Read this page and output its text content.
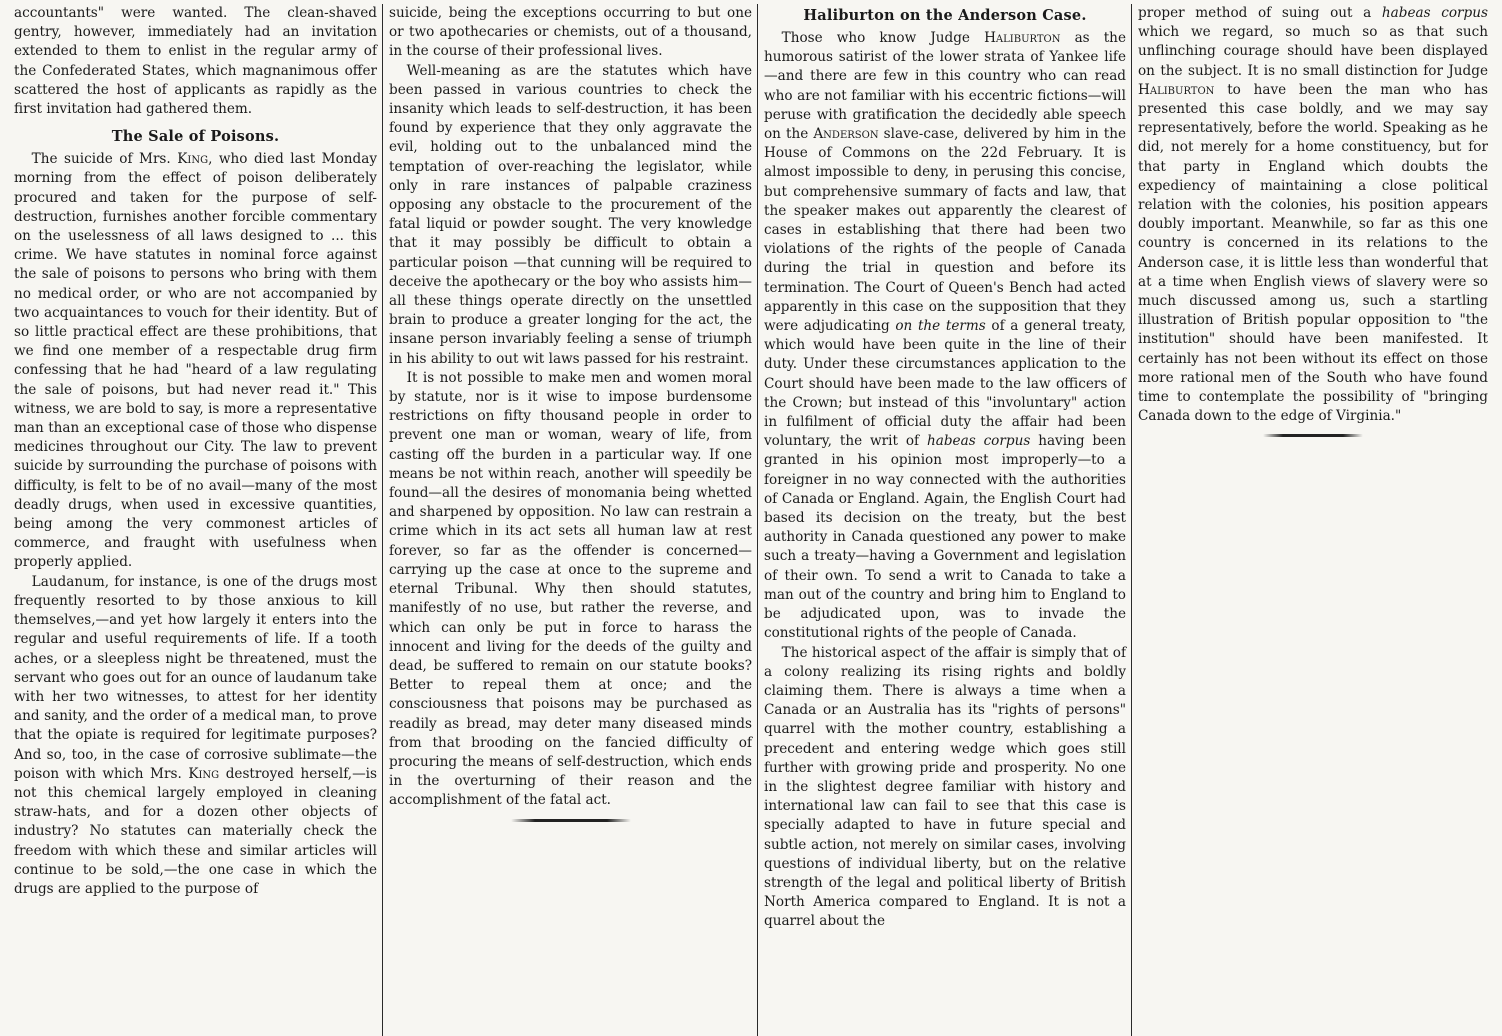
accountants" were wanted. The clean-shaved gentry, however, immediately had an invitation extended to them to enlist in the regular army of the Confederated States, which magnanimous offer scattered the host of applicants as rapidly as the first invitation had gathered them.

The Sale of Poisons.

The suicide of Mrs. King, who died last Monday morning from the effect of poison deliberately procured and taken for the purpose of self-destruction, furnishes another forcible commentary on the uselessness of all laws designed to ... this crime. We have statutes in nominal force against the sale of poisons to persons who bring with them no medical order, or who are not accompanied by two acquaintances to vouch for their identity. But of so little practical effect are these prohibitions, that we find one member of a respectable drug firm confessing that he had "heard of a law regulating the sale of poisons, but had never read it." This witness, we are bold to say, is more a representative man than an exceptional case of those who dispense medicines throughout our City. The law to prevent suicide by surrounding the purchase of poisons with difficulty, is felt to be of no avail—many of the most deadly drugs, when used in excessive quantities, being among the very commonest articles of commerce, and fraught with usefulness when properly applied.

Laudanum, for instance, is one of the drugs most frequently resorted to by those anxious to kill themselves,—and yet how largely it enters into the regular and useful requirements of life. If a tooth aches, or a sleepless night be threatened, must the servant who goes out for an ounce of laudanum take with her two witnesses, to attest for her identity and sanity, and the order of a medical man, to prove that the opiate is required for legitimate purposes? And so, too, in the case of corrosive sublimate—the poison with which Mrs. King destroyed herself,—is not this chemical largely employed in cleaning straw-hats, and for a dozen other objects of industry? No statutes can materially check the freedom with which these and similar articles will continue to be sold,—the one case in which the drugs are applied to the purpose of

suicide, being the exceptions occurring to but one or two apothecaries or chemists, out of a thousand, in the course of their professional lives.

Well-meaning as are the statutes which have been passed in various countries to check the insanity which leads to self-destruction, it has been found by experience that they only aggravate the evil, holding out to the unbalanced mind the temptation of over-reaching the legislator, while only in rare instances of palpable craziness opposing any obstacle to the procurement of the fatal liquid or powder sought. The very knowledge that it may possibly be difficult to obtain a particular poison —that cunning will be required to deceive the apothecary or the boy who assists him—all these things operate directly on the unsettled brain to produce a greater longing for the act, the insane person invariably feeling a sense of triumph in his ability to out wit laws passed for his restraint.

It is not possible to make men and women moral by statute, nor is it wise to impose burdensome restrictions on fifty thousand people in order to prevent one man or woman, weary of life, from casting off the burden in a particular way. If one means be not within reach, another will speedily be found—all the desires of monomania being whetted and sharpened by opposition. No law can restrain a crime which in its act sets all human law at rest forever, so far as the offender is concerned—carrying up the case at once to the supreme and eternal Tribunal. Why then should statutes, manifestly of no use, but rather the reverse, and which can only be put in force to harass the innocent and living for the deeds of the guilty and dead, be suffered to remain on our statute books? Better to repeal them at once; and the consciousness that poisons may be purchased as readily as bread, may deter many diseased minds from that brooding on the fancied difficulty of procuring the means of self-destruction, which ends in the overturning of their reason and the accomplishment of the fatal act.

Haliburton on the Anderson Case.

Those who know Judge Haliburton as the humorous satirist of the lower strata of Yankee life—and there are few in this country who can read who are not familiar with his eccentric fictions—will peruse with gratification the decidedly able speech on the Anderson slave-case, delivered by him in the House of Commons on the 22d February. It is almost impossible to deny, in perusing this concise, but comprehensive summary of facts and law, that the speaker makes out apparently the clearest of cases in establishing that there had been two violations of the rights of the people of Canada during the trial in question and before its termination. The Court of Queen's Bench had acted apparently in this case on the supposition that they were adjudicating on the terms of a general treaty, which would have been quite in the line of their duty. Under these circumstances application to the Court should have been made to the law officers of the Crown; but instead of this "involuntary" action in fulfilment of official duty the affair had been voluntary, the writ of habeas corpus having been granted in his opinion most improperly—to a foreigner in no way connected with the authorities of Canada or England. Again, the English Court had based its decision on the treaty, but the best authority in Canada questioned any power to make such a treaty—having a Government and legislation of their own. To send a writ to Canada to take a man out of the country and bring him to England to be adjudicated upon, was to invade the constitutional rights of the people of Canada.

The historical aspect of the affair is simply that of a colony realizing its rising rights and boldly claiming them. There is always a time when a Canada or an Australia has its "rights of persons" quarrel with the mother country, establishing a precedent and entering wedge which goes still further with growing pride and prosperity. No one in the slightest degree familiar with history and international law can fail to see that this case is specially adapted to have in future special and subtle action, not merely on similar cases, involving questions of individual liberty, but on the relative strength of the legal and political liberty of British North America compared to England. It is not a quarrel about the

proper method of suing out a habeas corpus which we regard, so much so as that such unflinching courage should have been displayed on the subject. It is no small distinction for Judge Haliburton to have been the man who has presented this case boldly, and we may say representatively, before the world. Speaking as he did, not merely for a home constituency, but for that party in England which doubts the expediency of maintaining a close political relation with the colonies, his position appears doubly important. Meanwhile, so far as this one country is concerned in its relations to the Anderson case, it is little less than wonderful that at a time when English views of slavery were so much discussed among us, such a startling illustration of British popular opposition to "the institution" should have been manifested. It certainly has not been without its effect on those more rational men of the South who have found time to contemplate the possibility of "bringing Canada down to the edge of Virginia."
